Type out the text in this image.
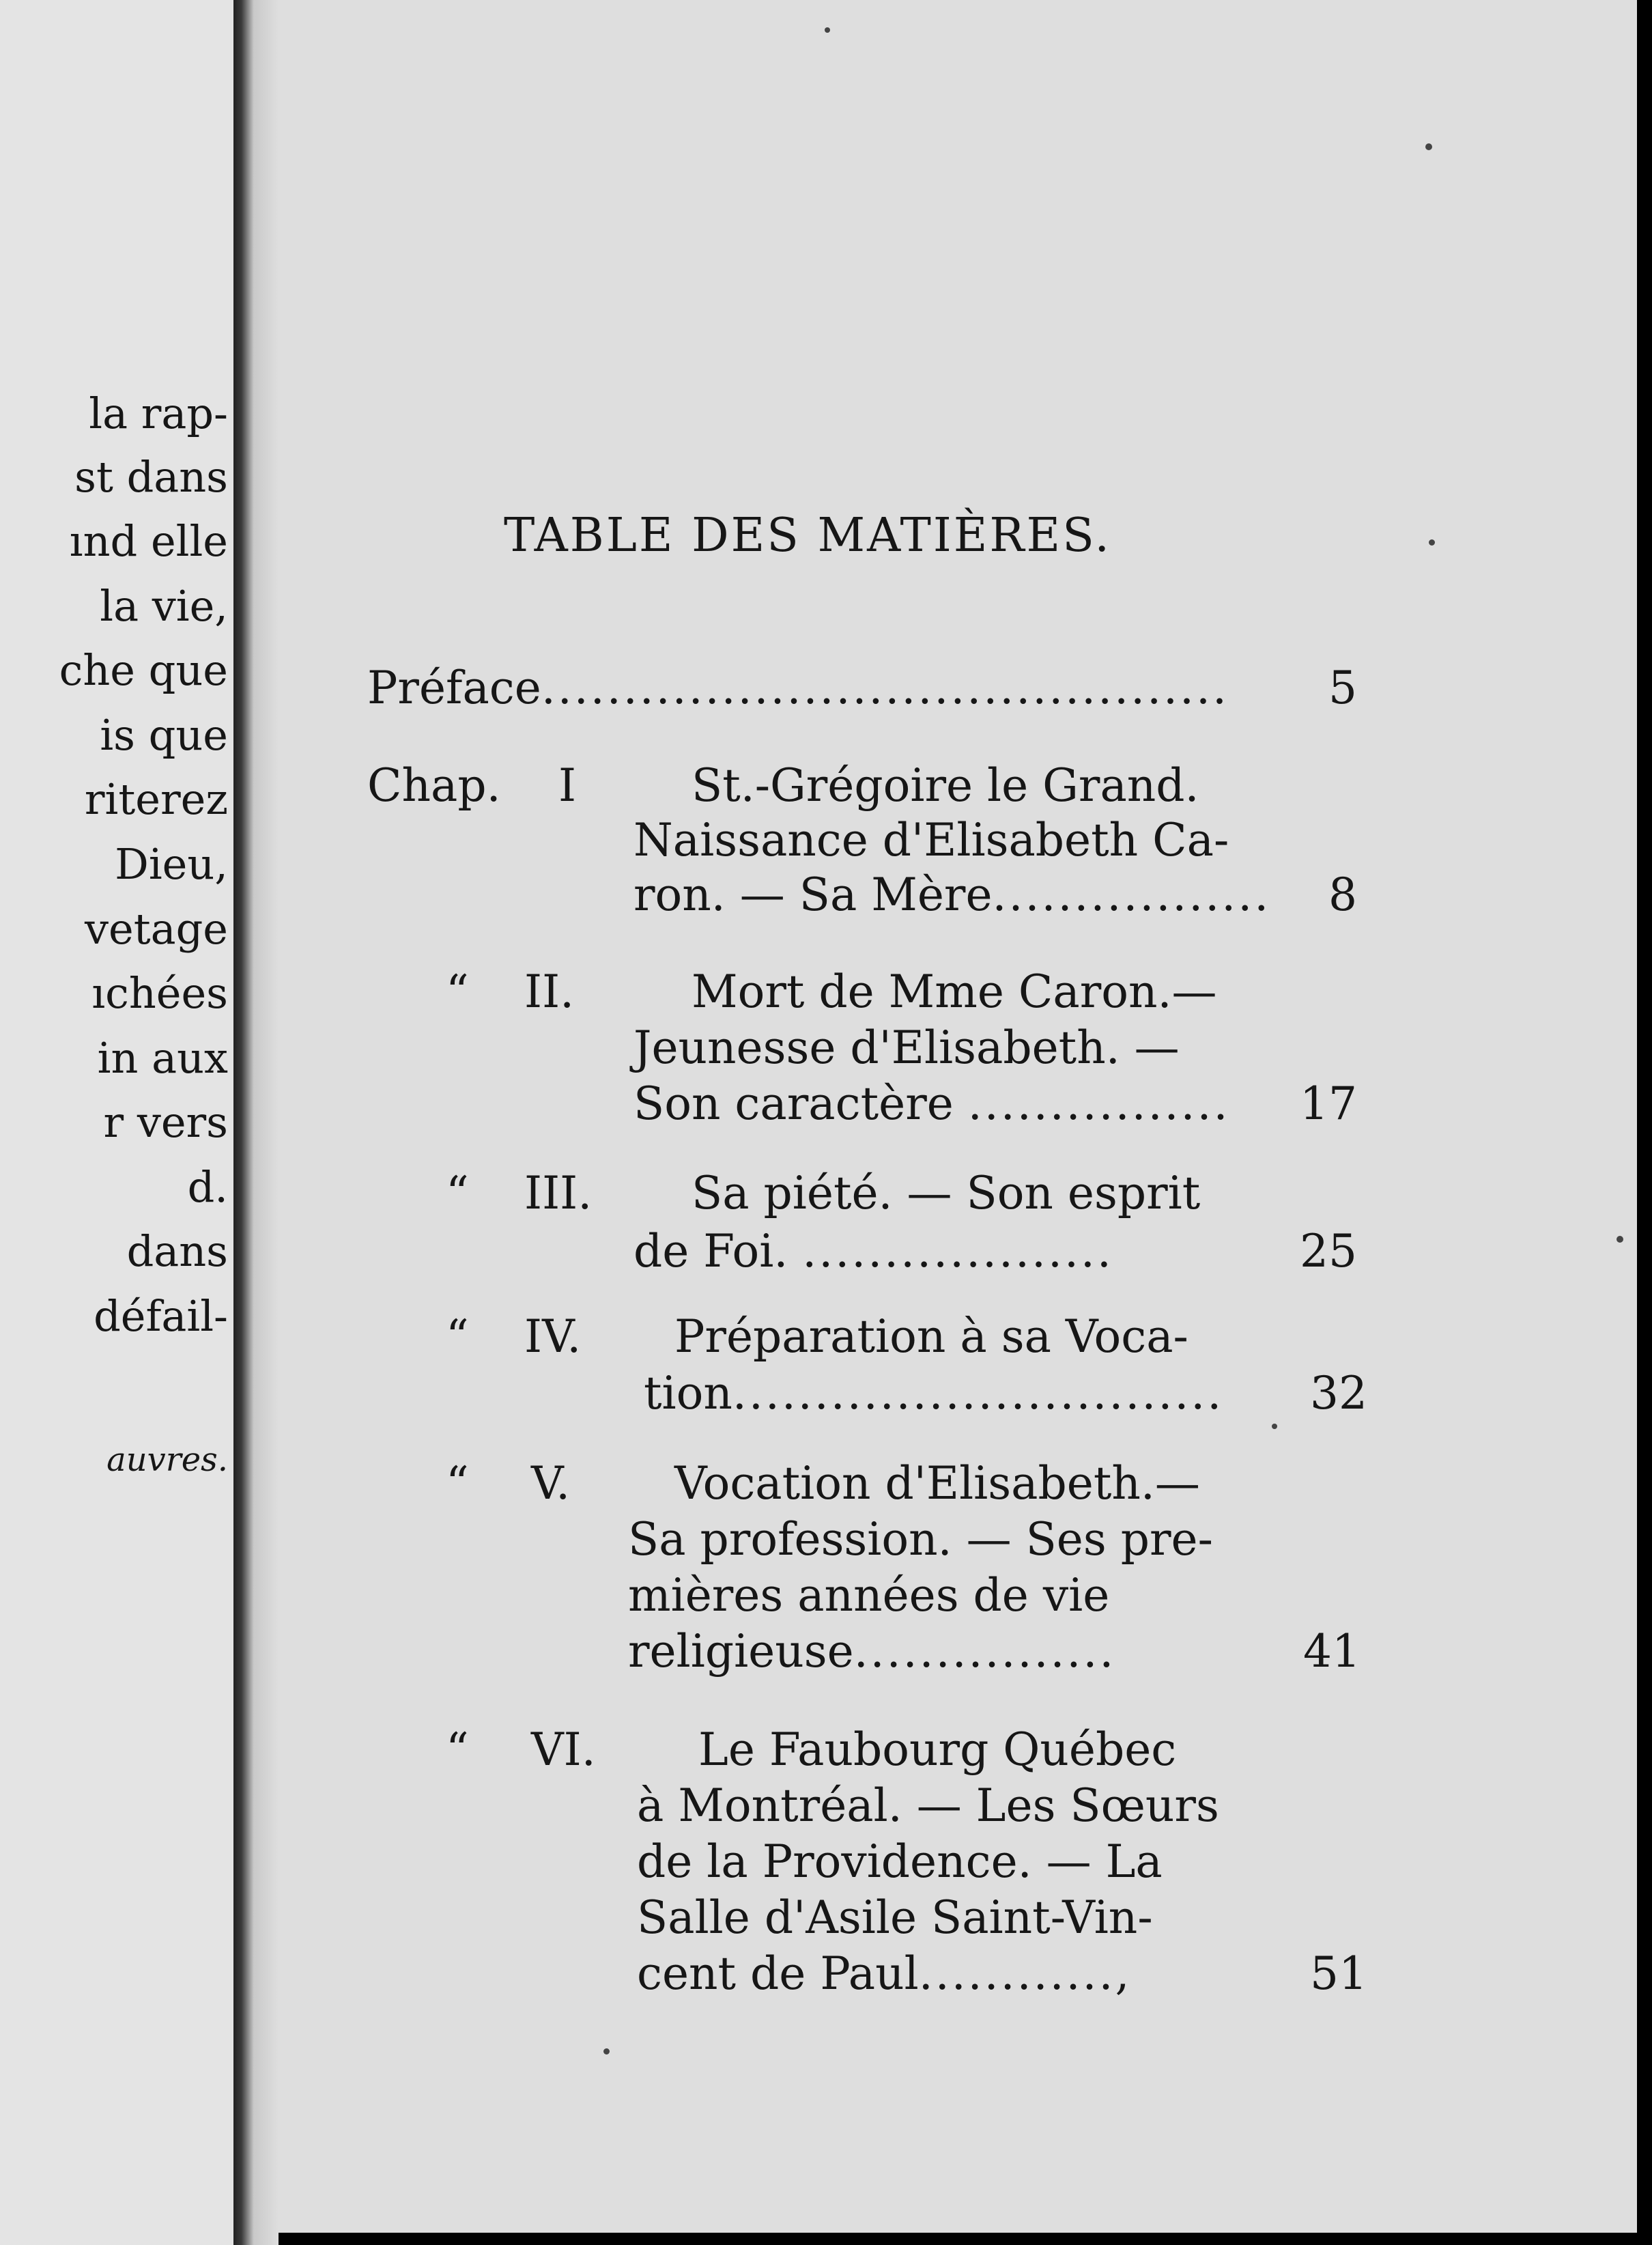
la rap-

st dans

ınd elle

la vie,

che que

is que

riterez

Dieu,

vetage

ıchées

in aux

r vers

d.

dans

défail-

auvres.

TABLE DES MATIÈRES.

Préface..........................................	5

Chap. I	St.-Grégoire le Grand.

Naissance d'Elisabeth Ca-

ron. — Sa Mère.................	8

“ II.	Mort de Mme Caron.—

Jeunesse d'Elisabeth. —

Son caractère ................	17

“ III. Sa piété. — Son esprit

de Foi. ...................	25

“ IV. Préparation à sa Voca-

tion..............................	32

“ V. Vocation d'Elisabeth.—

Sa profession. — Ses pre-

mières années de vie

religieuse................	41

“ VI. Le Faubourg Québec

à Montréal. — Les Sœurs

de la Providence. — La

Salle d'Asile Saint-Vin-

cent de Paul............,	51
